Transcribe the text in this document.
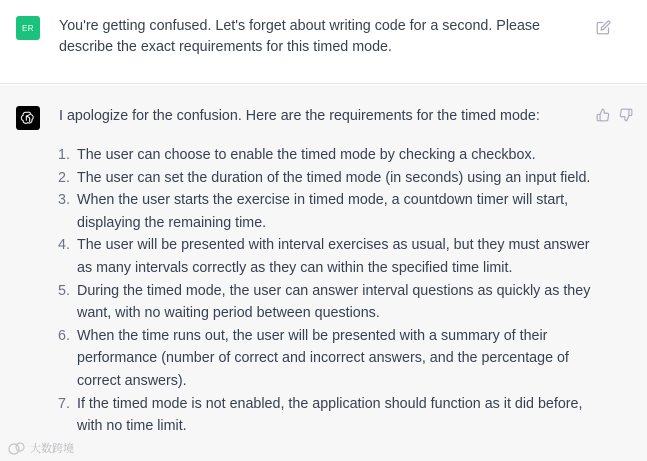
ER	You're getting confused. Let's forget about writing code for a second. Please describe the exact requirements for this timed mode.
I apologize for the confusion. Here are the requirements for the timed mode:
1. The user can choose to enable the timed mode by checking a checkbox.
2. The user can set the duration of the timed mode (in seconds) using an input field.
3. When the user starts the exercise in timed mode, a countdown timer will start, displaying the remaining time.
4. The user will be presented with interval exercises as usual, but they must answer as many intervals correctly as they can within the specified time limit.
5. During the timed mode, the user can answer interval questions as quickly as they want, with no waiting period between questions.
6. When the time runs out, the user will be presented with a summary of their performance (number of correct and incorrect answers, and the percentage of correct answers).
7. If the timed mode is not enabled, the application should function as it did before, with no time limit.
大数跨境
